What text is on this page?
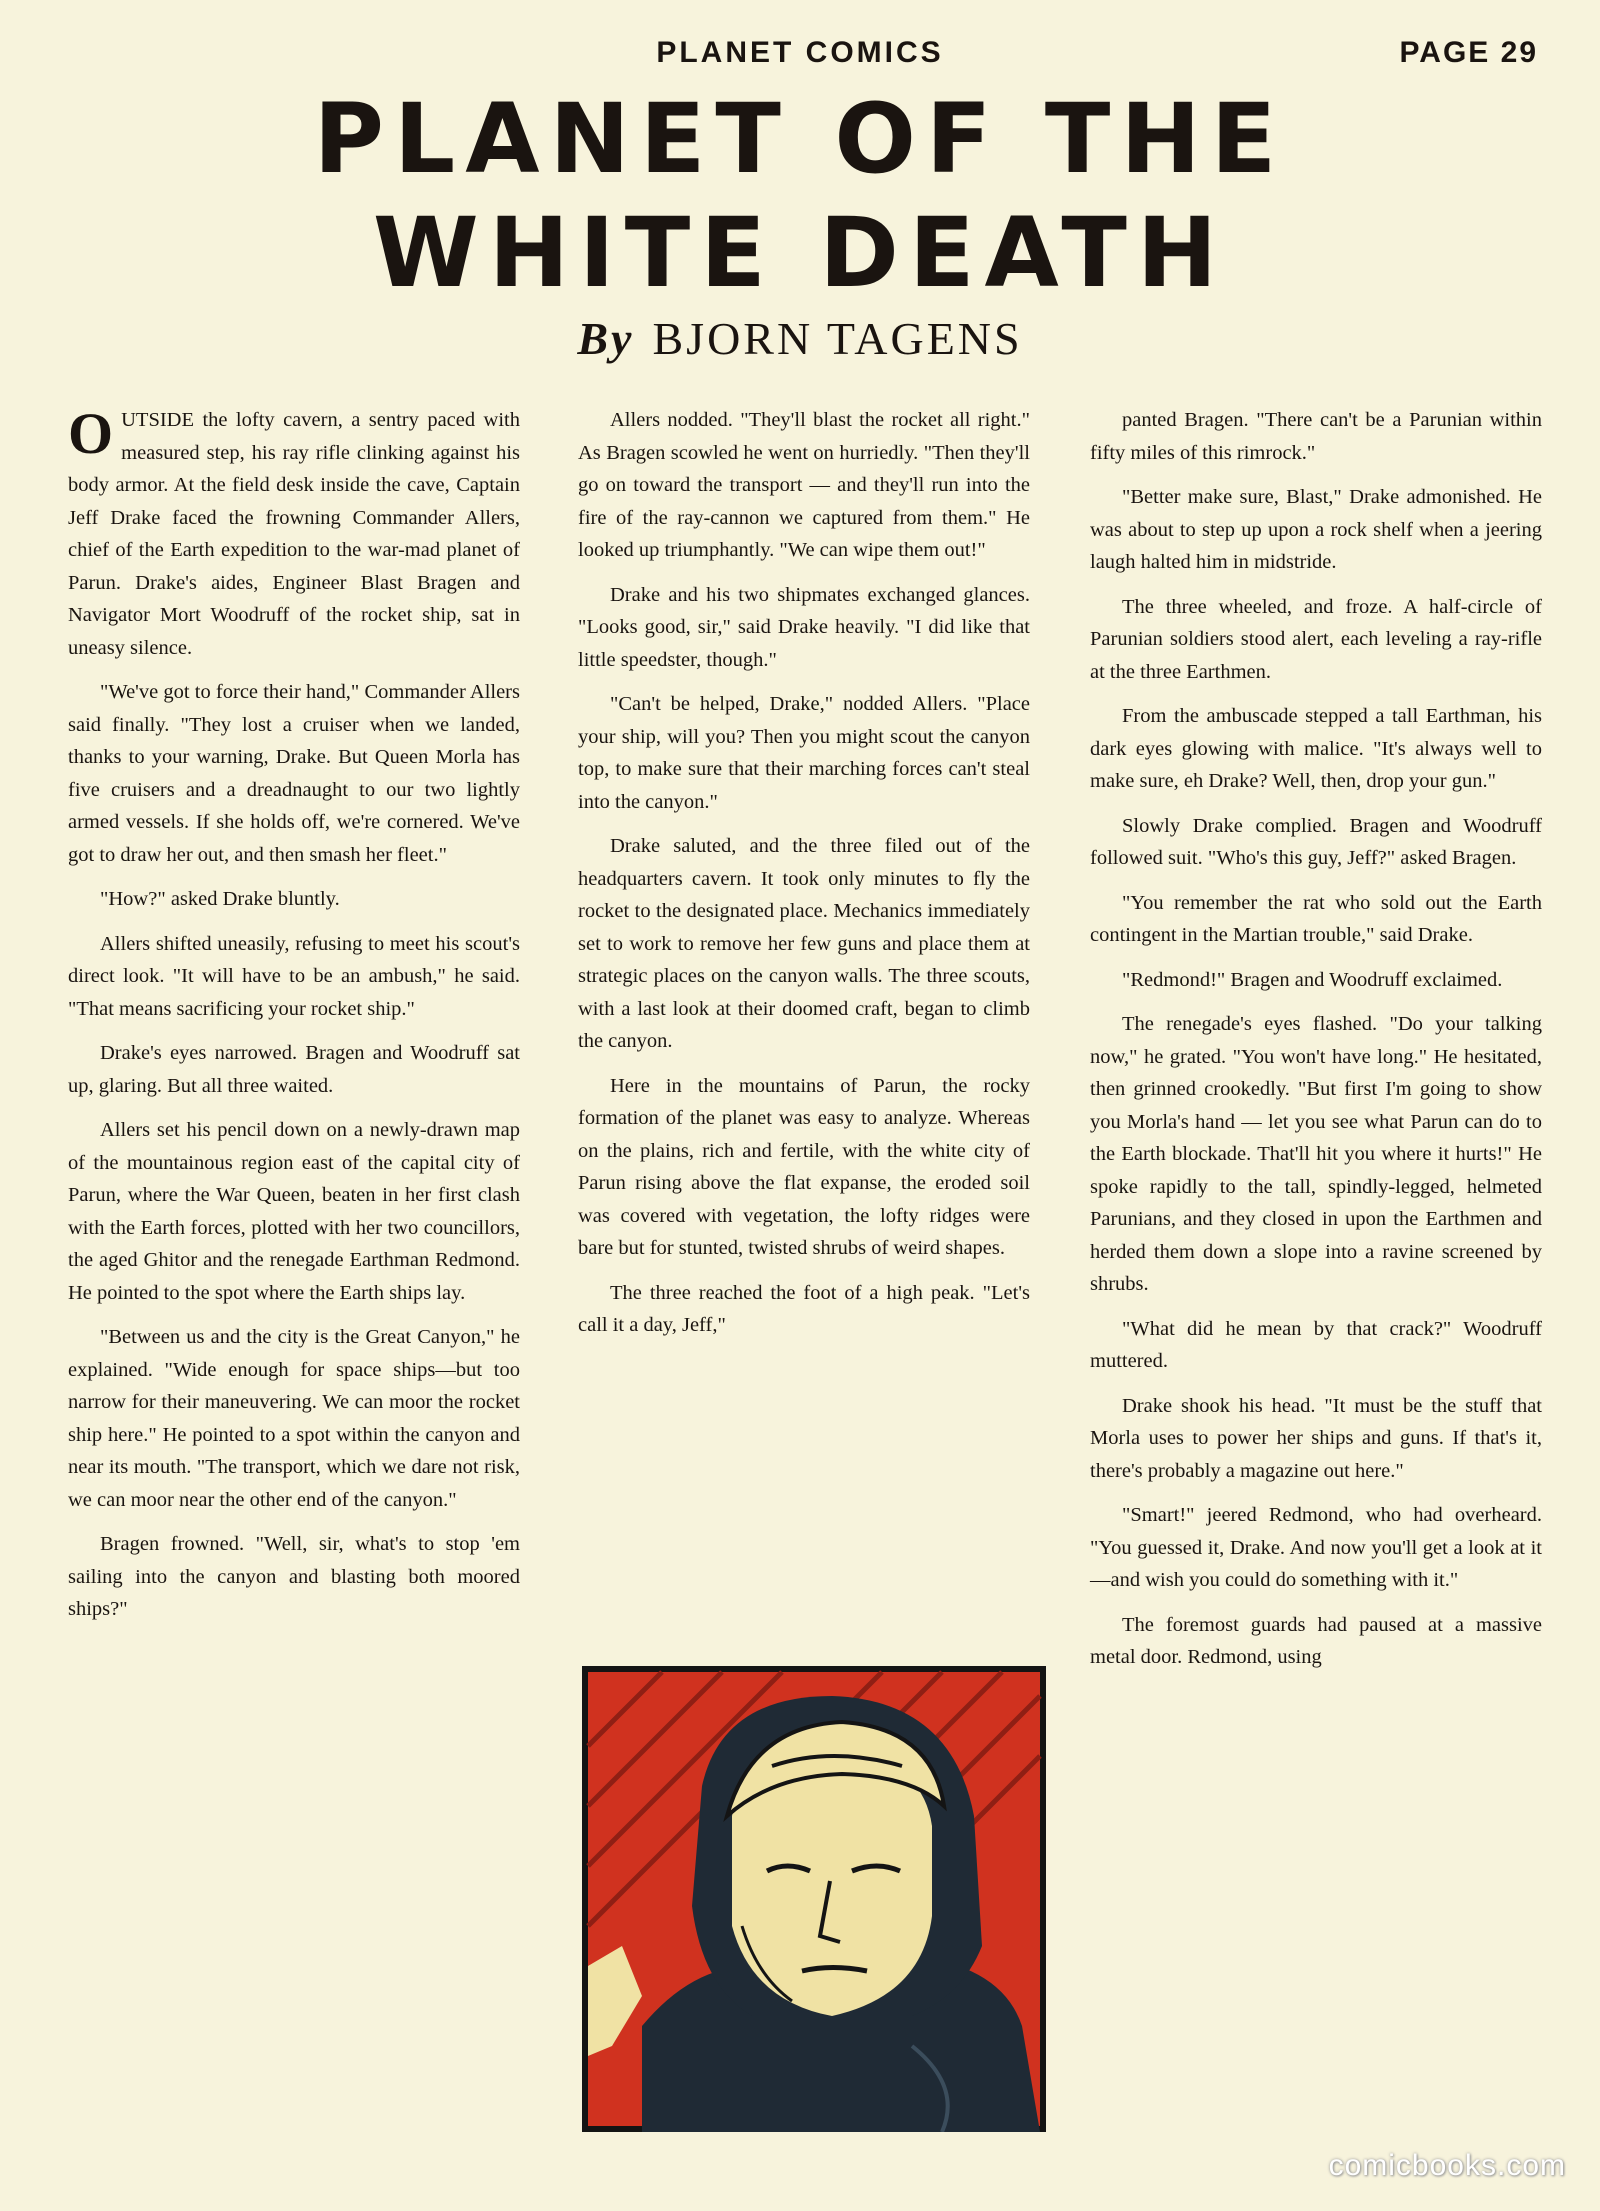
PLANET COMICS	PAGE 29
PLANET OF THE
WHITE DEATH
By BJORN TAGENS

OUTSIDE the lofty cavern, a sentry paced with measured step, his ray rifle clinking against his body armor. At the field desk inside the cave, Captain Jeff Drake faced the frowning Commander Allers, chief of the Earth expedition to the war-mad planet of Parun. Drake's aides, Engineer Blast Bragen and Navigator Mort Woodruff of the rocket ship, sat in uneasy silence.

"We've got to force their hand," Commander Allers said finally. "They lost a cruiser when we landed, thanks to your warning, Drake. But Queen Morla has five cruisers and a dreadnaught to our two lightly armed vessels. If she holds off, we're cornered. We've got to draw her out, and then smash her fleet."

"How?" asked Drake bluntly.

Allers shifted uneasily, refusing to meet his scout's direct look. "It will have to be an ambush," he said. "That means sacrificing your rocket ship."

Drake's eyes narrowed. Bragen and Woodruff sat up, glaring. But all three waited.

Allers set his pencil down on a newly-drawn map of the mountainous region east of the capital city of Parun, where the War Queen, beaten in her first clash with the Earth forces, plotted with her two councillors, the aged Ghitor and the renegade Earthman Redmond. He pointed to the spot where the Earth ships lay.

"Between us and the city is the Great Canyon," he explained. "Wide enough for space ships—but too narrow for their maneuvering. We can moor the rocket ship here." He pointed to a spot within the canyon and near its mouth. "The transport, which we dare not risk, we can moor near the other end of the canyon."

Bragen frowned. "Well, sir, what's to stop 'em sailing into the canyon and blasting both moored ships?"

Allers nodded. "They'll blast the rocket all right." As Bragen scowled he went on hurriedly. "Then they'll go on toward the transport — and they'll run into the fire of the ray-cannon we captured from them." He looked up triumphantly. "We can wipe them out!"

Drake and his two shipmates exchanged glances. "Looks good, sir," said Drake heavily. "I did like that little speedster, though."

"Can't be helped, Drake," nodded Allers. "Place your ship, will you? Then you might scout the canyon top, to make sure that their marching forces can't steal into the canyon."

Drake saluted, and the three filed out of the headquarters cavern. It took only minutes to fly the rocket to the designated place. Mechanics immediately set to work to remove her few guns and place them at strategic places on the canyon walls. The three scouts, with a last look at their doomed craft, began to climb the canyon.

Here in the mountains of Parun, the rocky formation of the planet was easy to analyze. Whereas on the plains, rich and fertile, with the white city of Parun rising above the flat expanse, the eroded soil was covered with vegetation, the lofty ridges were bare but for stunted, twisted shrubs of weird shapes.

The three reached the foot of a high peak. "Let's call it a day, Jeff,"

panted Bragen. "There can't be a Parunian within fifty miles of this rimrock."

"Better make sure, Blast," Drake admonished. He was about to step up upon a rock shelf when a jeering laugh halted him in midstride.

The three wheeled, and froze. A half-circle of Parunian soldiers stood alert, each leveling a ray-rifle at the three Earthmen.

From the ambuscade stepped a tall Earthman, his dark eyes glowing with malice. "It's always well to make sure, eh Drake? Well, then, drop your gun."

Slowly Drake complied. Bragen and Woodruff followed suit. "Who's this guy, Jeff?" asked Bragen.

"You remember the rat who sold out the Earth contingent in the Martian trouble," said Drake.

"Redmond!" Bragen and Woodruff exclaimed.

The renegade's eyes flashed. "Do your talking now," he grated. "You won't have long." He hesitated, then grinned crookedly. "But first I'm going to show you Morla's hand — let you see what Parun can do to the Earth blockade. That'll hit you where it hurts!" He spoke rapidly to the tall, spindly-legged, helmeted Parunians, and they closed in upon the Earthmen and herded them down a slope into a ravine screened by shrubs.

"What did he mean by that crack?" Woodruff muttered.

Drake shook his head. "It must be the stuff that Morla uses to power her ships and guns. If that's it, there's probably a magazine out here."

"Smart!" jeered Redmond, who had overheard. "You guessed it, Drake. And now you'll get a look at it—and wish you could do something with it."

The foremost guards had paused at a massive metal door. Redmond, using

comicbooks.com
